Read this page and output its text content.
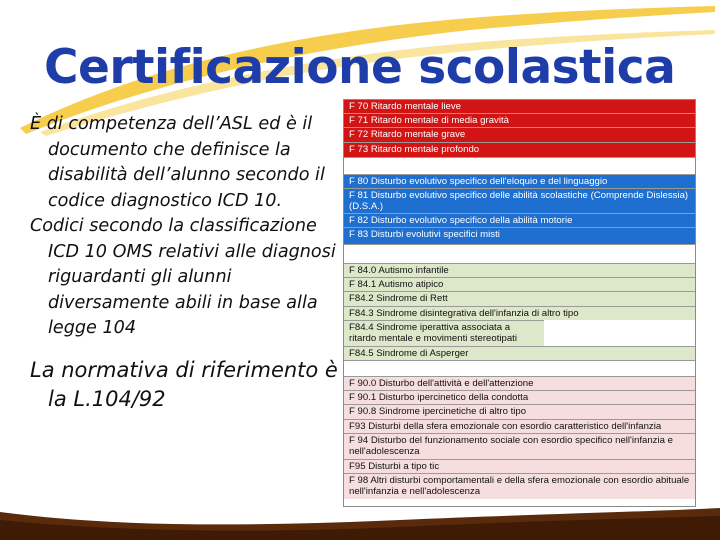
Certificazione scolastica

È di competenza dell’ASL ed è il documento che definisce la disabilità dell’alunno secondo il codice diagnostico ICD 10.

Codici secondo la classificazione ICD 10 OMS relativi alle diagnosi riguardanti gli alunni diversamente abili in base alla legge 104

La normativa di riferimento è la L.104/92

F 70 Ritardo mentale lieve
F 71 Ritardo mentale di media gravità
F 72 Ritardo mentale grave
F 73 Ritardo mentale profondo
F 80 Disturbo evolutivo specifico dell'eloquio e del linguaggio
F 81 Disturbo evolutivo specifico delle abilità scolastiche (Comprende Dislessia) (D.S.A.)
F 82 Disturbo evolutivo specifico della abilità motorie
F 83 Disturbi evolutivi specifici misti
F 84.0 Autismo infantile
F 84.1 Autismo atipico
F84.2 Sindrome di Rett
F84.3 Sindrome disintegrativa dell'infanzia di altro tipo
F84.4 Sindrome iperattiva associata a ritardo mentale e movimenti stereotipati
F84.5 Sindrome di Asperger
F 90.0 Disturbo dell'attività e dell'attenzione
F 90.1 Disturbo ipercinetico della condotta
F 90.8 Sindrome ipercinetiche di altro tipo
F93 Disturbi della sfera emozionale con esordio caratteristico dell'infanzia
F 94 Disturbo del funzionamento sociale con esordio specifico nell'infanzia e nell'adolescenza
F95 Disturbi a tipo tic
F 98 Altri disturbi comportamentali e della sfera emozionale con esordio abituale nell'infanzia e nell'adolescenza
